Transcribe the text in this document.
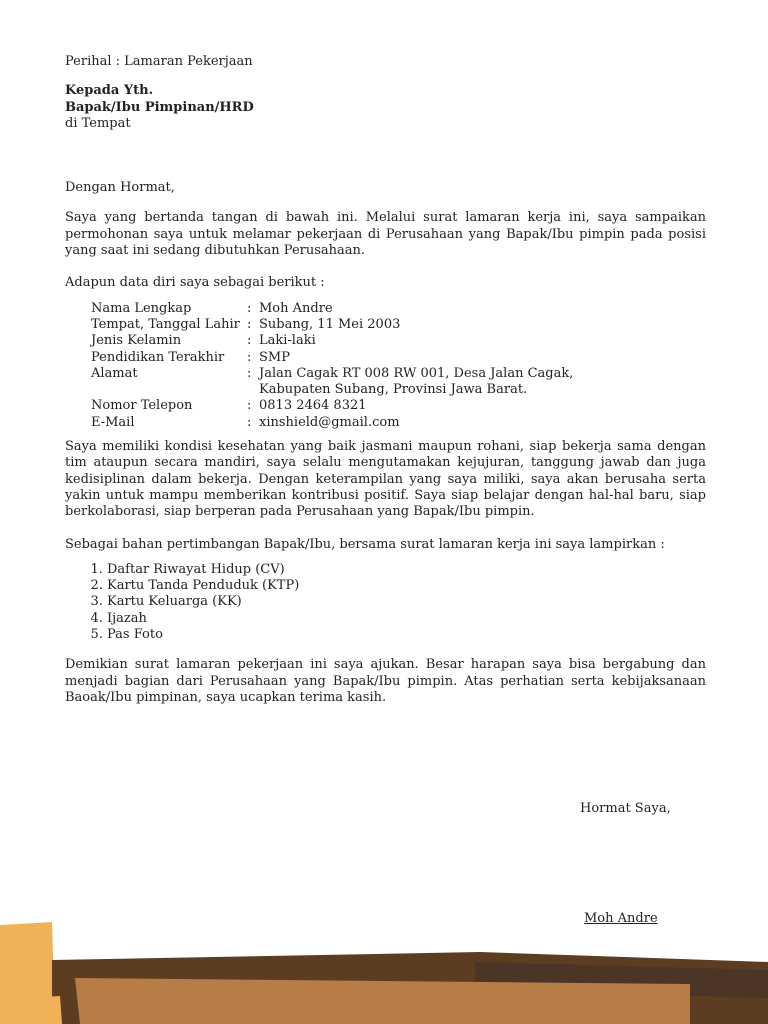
Perihal : Lamaran Pekerjaan
Kepada Yth.
Bapak/Ibu Pimpinan/HRD
di Tempat
Dengan Hormat,

Saya yang bertanda tangan di bawah ini. Melalui surat lamaran kerja ini, saya sampaikan permohonan saya untuk melamar pekerjaan di Perusahaan yang Bapak/Ibu pimpin pada posisi yang saat ini sedang dibutuhkan Perusahaan.

Adapun data diri saya sebagai berikut :
Nama Lengkap	:	Moh Andre
Tempat, Tanggal Lahir	:	Subang, 11 Mei 2003
Jenis Kelamin	:	Laki-laki
Pendidikan Terakhir	:	SMP
Alamat	:	Jalan Cagak RT 008 RW 001, Desa Jalan Cagak,
Kabupaten Subang, Provinsi Jawa Barat.

Nomor Telepon	:	0813 2464 8321
E-Mail	:	xinshield@gmail.com

Saya memiliki kondisi kesehatan yang baik jasmani maupun rohani, siap bekerja sama dengan tim ataupun secara mandiri, saya selalu mengutamakan kejujuran, tanggung jawab dan juga kedisiplinan dalam bekerja. Dengan keterampilan yang saya miliki, saya akan berusaha serta yakin untuk mampu memberikan kontribusi positif. Saya siap belajar dengan hal-hal baru, siap berkolaborasi, siap berperan pada Perusahaan yang Bapak/Ibu pimpin.

Sebagai bahan pertimbangan Bapak/Ibu, bersama surat lamaran kerja ini saya lampirkan :
1. Daftar Riwayat Hidup (CV)
2. Kartu Tanda Penduduk (KTP)
3. Kartu Keluarga (KK)
4. Ijazah
5. Pas Foto

Demikian surat lamaran pekerjaan ini saya ajukan. Besar harapan saya bisa bergabung dan menjadi bagian dari Perusahaan yang Bapak/Ibu pimpin. Atas perhatian serta kebijaksanaan Baoak/Ibu pimpinan, saya ucapkan terima kasih.

Hormat Saya,
Moh Andre
